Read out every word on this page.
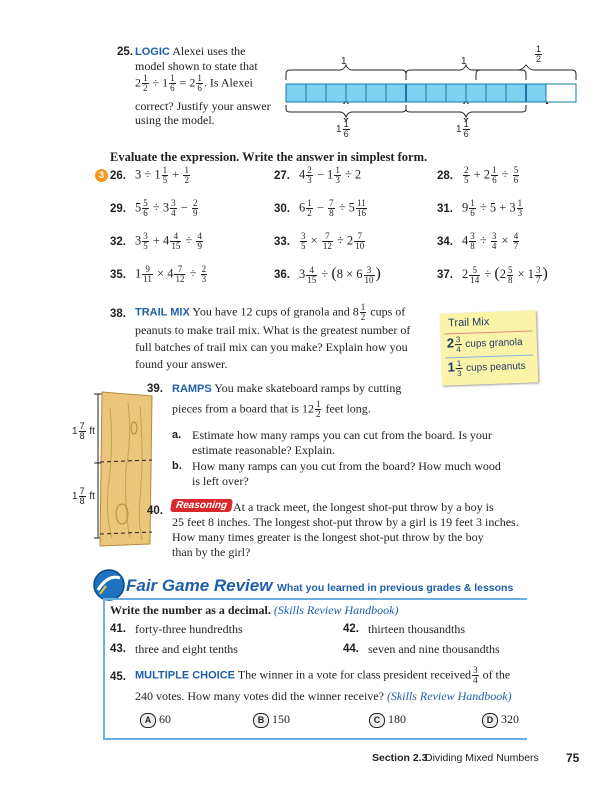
25. LOGIC Alexei uses the
model shown to state that
$2 \frac{1}{2} \div 1 \frac{1}{6} = 2 \frac{1}{6}$ . Is Alexei
correct? Justify your answer
using the model.
1	1	$\frac{1}{2}$
$1 \frac{1}{6}$	$1 \frac{1}{6}$
Evaluate the expression. Write the answer in simplest form.
3 26. $3 \div 1 \frac{1}{5} + \frac{1}{2}$	27. $4 \frac{2}{3} - 1 \frac{1}{3} \div 2$	28. $\frac{2}{5} + 2 \frac{1}{6} \div \frac{5}{6}$
29. $5 \frac{5}{6} \div 3 \frac{3}{4} - \frac{2}{9}$	30. $6 \frac{1}{2} - \frac{7}{8} \div 5 \frac{11}{16}$	31. $9 \frac{1}{6} \div 5 + 3 \frac{1}{3}$
32. $3 \frac{3}{5} + 4 \frac{4}{15} \div \frac{4}{9}$	33. $\frac{3}{5} \times \frac{7}{12} \div 2 \frac{7}{10}$	34. $4 \frac{3}{8} \div \frac{3}{4} \times \frac{4}{7}$
35. $1 \frac{9}{11} \times 4 \frac{7}{12} \div \frac{2}{3}$	36. $3 \frac{4}{15} \div (8 \times 6 \frac{3}{10}$ )	37. $2 \frac{5}{14} \div (2 \frac{5}{8} \times 1 \frac{3}{7}$ )
38. TRAIL MIX You have 12 cups of granola and $8 \frac{1}{2}$ cups of
peanuts to make trail mix. What is the greatest number of
full batches of trail mix can you make? Explain how you
found your answer.
Trail Mix
$2 \frac{3}{4}$ cups granola
$1 \frac{1}{3}$ cups peanuts
$1 \frac{7}{8}$ ft
$1 \frac{7}{8}$ ft
39. RAMPS You make skateboard ramps by cutting
pieces from a board that is $12 \frac{1}{2}$ feet long.
a. Estimate how many ramps you can cut from the board. Is your
estimate reasonable? Explain.
b. How many ramps can you cut from the board? How much wood
is left over?
40.	Reasoning At a track meet, the longest shot-put throw by a boy is
25 feet 8 inches. The longest shot-put throw by a girl is 19 feet 3 inches.
How many times greater is the longest shot-put throw by the boy
than by the girl?
Fair Game Review What you learned in previous grades & lessons
Write the number as a decimal. (Skills Review Handbook)
41. forty-three hundredths	42. thirteen thousandths
43. three and eight tenths	44. seven and nine thousandths
45. MULTIPLE CHOICE The winner in a vote for class president received $\frac{3}{4}$ of the
240 votes. How many votes did the winner receive? (Skills Review Handbook)
A 60	B 150	C 180	D 320
Section 2.3
Dividing Mixed Numbers 75
